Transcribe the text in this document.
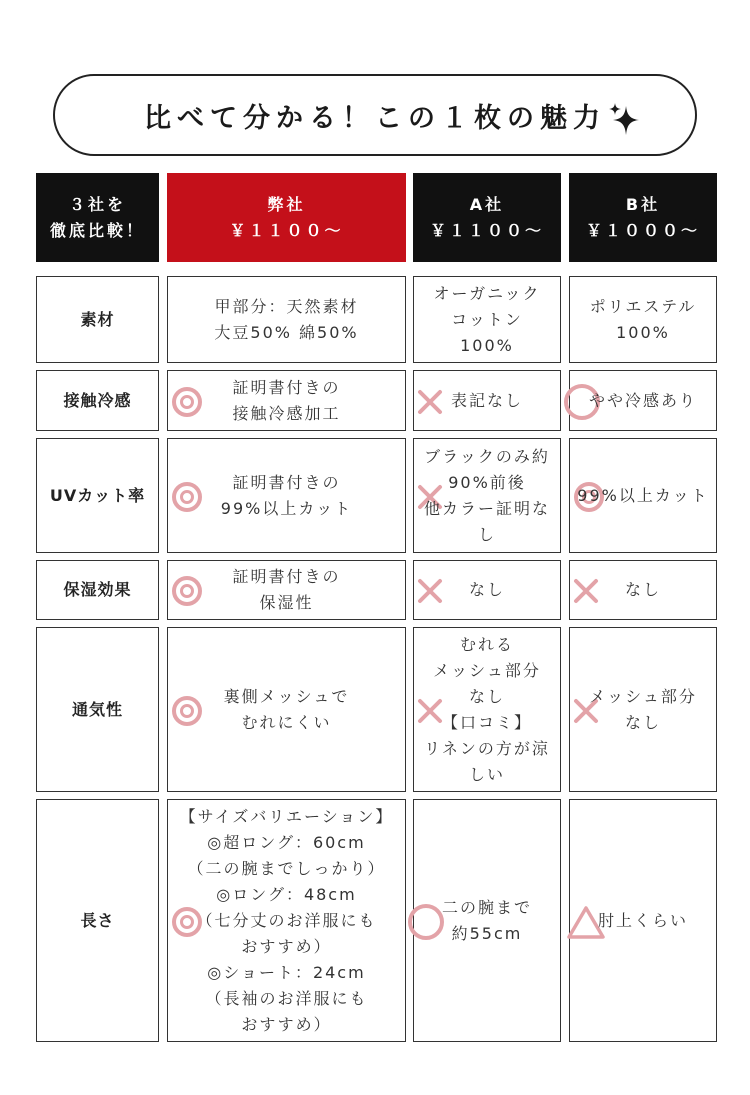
比べて分かる！この１枚の魅力
３社を
徹底比較！
弊社
￥１１００～
A社
￥１１００～
B社
￥１０００～
素材
甲部分：天然素材
大豆50% 綿50%
オーガニック
コットン
100%
ポリエステル
100%
接触冷感
証明書付きの
接触冷感加工
表記なし	やや冷感あり
UVカット率
証明書付きの
99%以上カット
ブラックのみ約
90%前後
他カラー証明な
し
99%以上カット
保湿効果
証明書付きの
保湿性
なし	なし
通気性
裏側メッシュで
むれにくい
むれる
メッシュ部分
なし
【口コミ】
リネンの方が涼
しい
メッシュ部分
なし
長さ
【サイズバリエーション】
◎超ロング：60cm
（二の腕までしっかり）
◎ロング：48cm
（七分丈のお洋服にも
おすすめ）
◎ショート：24cm
（長袖のお洋服にも
おすすめ）
二の腕まで
約55cm
肘上くらい
